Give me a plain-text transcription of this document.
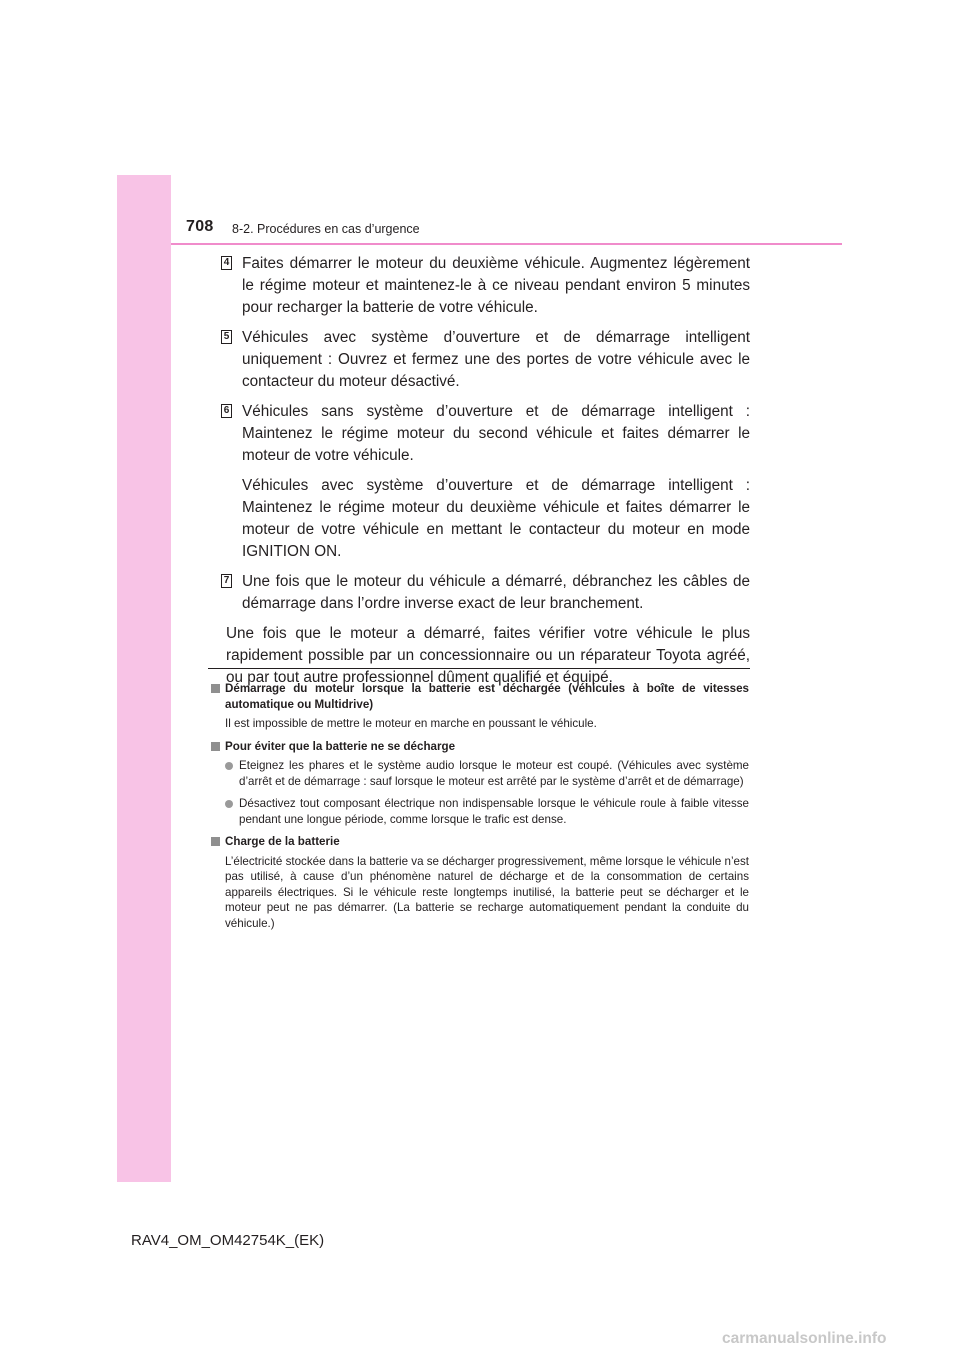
708 8-2. Procédures en cas d’urgence
4 Faites démarrer le moteur du deuxième véhicule. Augmentez légèrement le régime moteur et maintenez-le à ce niveau pendant environ 5 minutes pour recharger la batterie de votre véhicule.

5 Véhicules avec système d’ouverture et de démarrage intelligent uniquement : Ouvrez et fermez une des portes de votre véhicule avec le contacteur du moteur désactivé.

6 Véhicules sans système d’ouverture et de démarrage intelligent : Maintenez le régime moteur du second véhicule et faites démarrer le moteur de votre véhicule.

Véhicules avec système d’ouverture et de démarrage intelligent : Maintenez le régime moteur du deuxième véhicule et faites démarrer le moteur de votre véhicule en mettant le contacteur du moteur en mode IGNITION ON.

7 Une fois que le moteur du véhicule a démarré, débranchez les câbles de démarrage dans l’ordre inverse exact de leur branchement.

Une fois que le moteur a démarré, faites vérifier votre véhicule le plus rapidement possible par un concessionnaire ou un réparateur Toyota agréé, ou par tout autre professionnel dûment qualifié et équipé.

Démarrage du moteur lorsque la batterie est déchargée (véhicules à boîte de vitesses automatique ou Multidrive)

Il est impossible de mettre le moteur en marche en poussant le véhicule.

Pour éviter que la batterie ne se décharge

Eteignez les phares et le système audio lorsque le moteur est coupé. (Véhicules avec système d’arrêt et de démarrage : sauf lorsque le moteur est arrêté par le système d’arrêt et de démarrage)

Désactivez tout composant électrique non indispensable lorsque le véhicule roule à faible vitesse pendant une longue période, comme lorsque le trafic est dense.

Charge de la batterie

L’électricité stockée dans la batterie va se décharger progressivement, même lorsque le véhicule n’est pas utilisé, à cause d’un phénomène naturel de décharge et de la consommation de certains appareils électriques. Si le véhicule reste longtemps inutilisé, la batterie peut se décharger et le moteur peut ne pas démarrer. (La batterie se recharge automatiquement pendant la conduite du véhicule.)

RAV4_OM_OM42754K_(EK)
carmanualsonline.info
